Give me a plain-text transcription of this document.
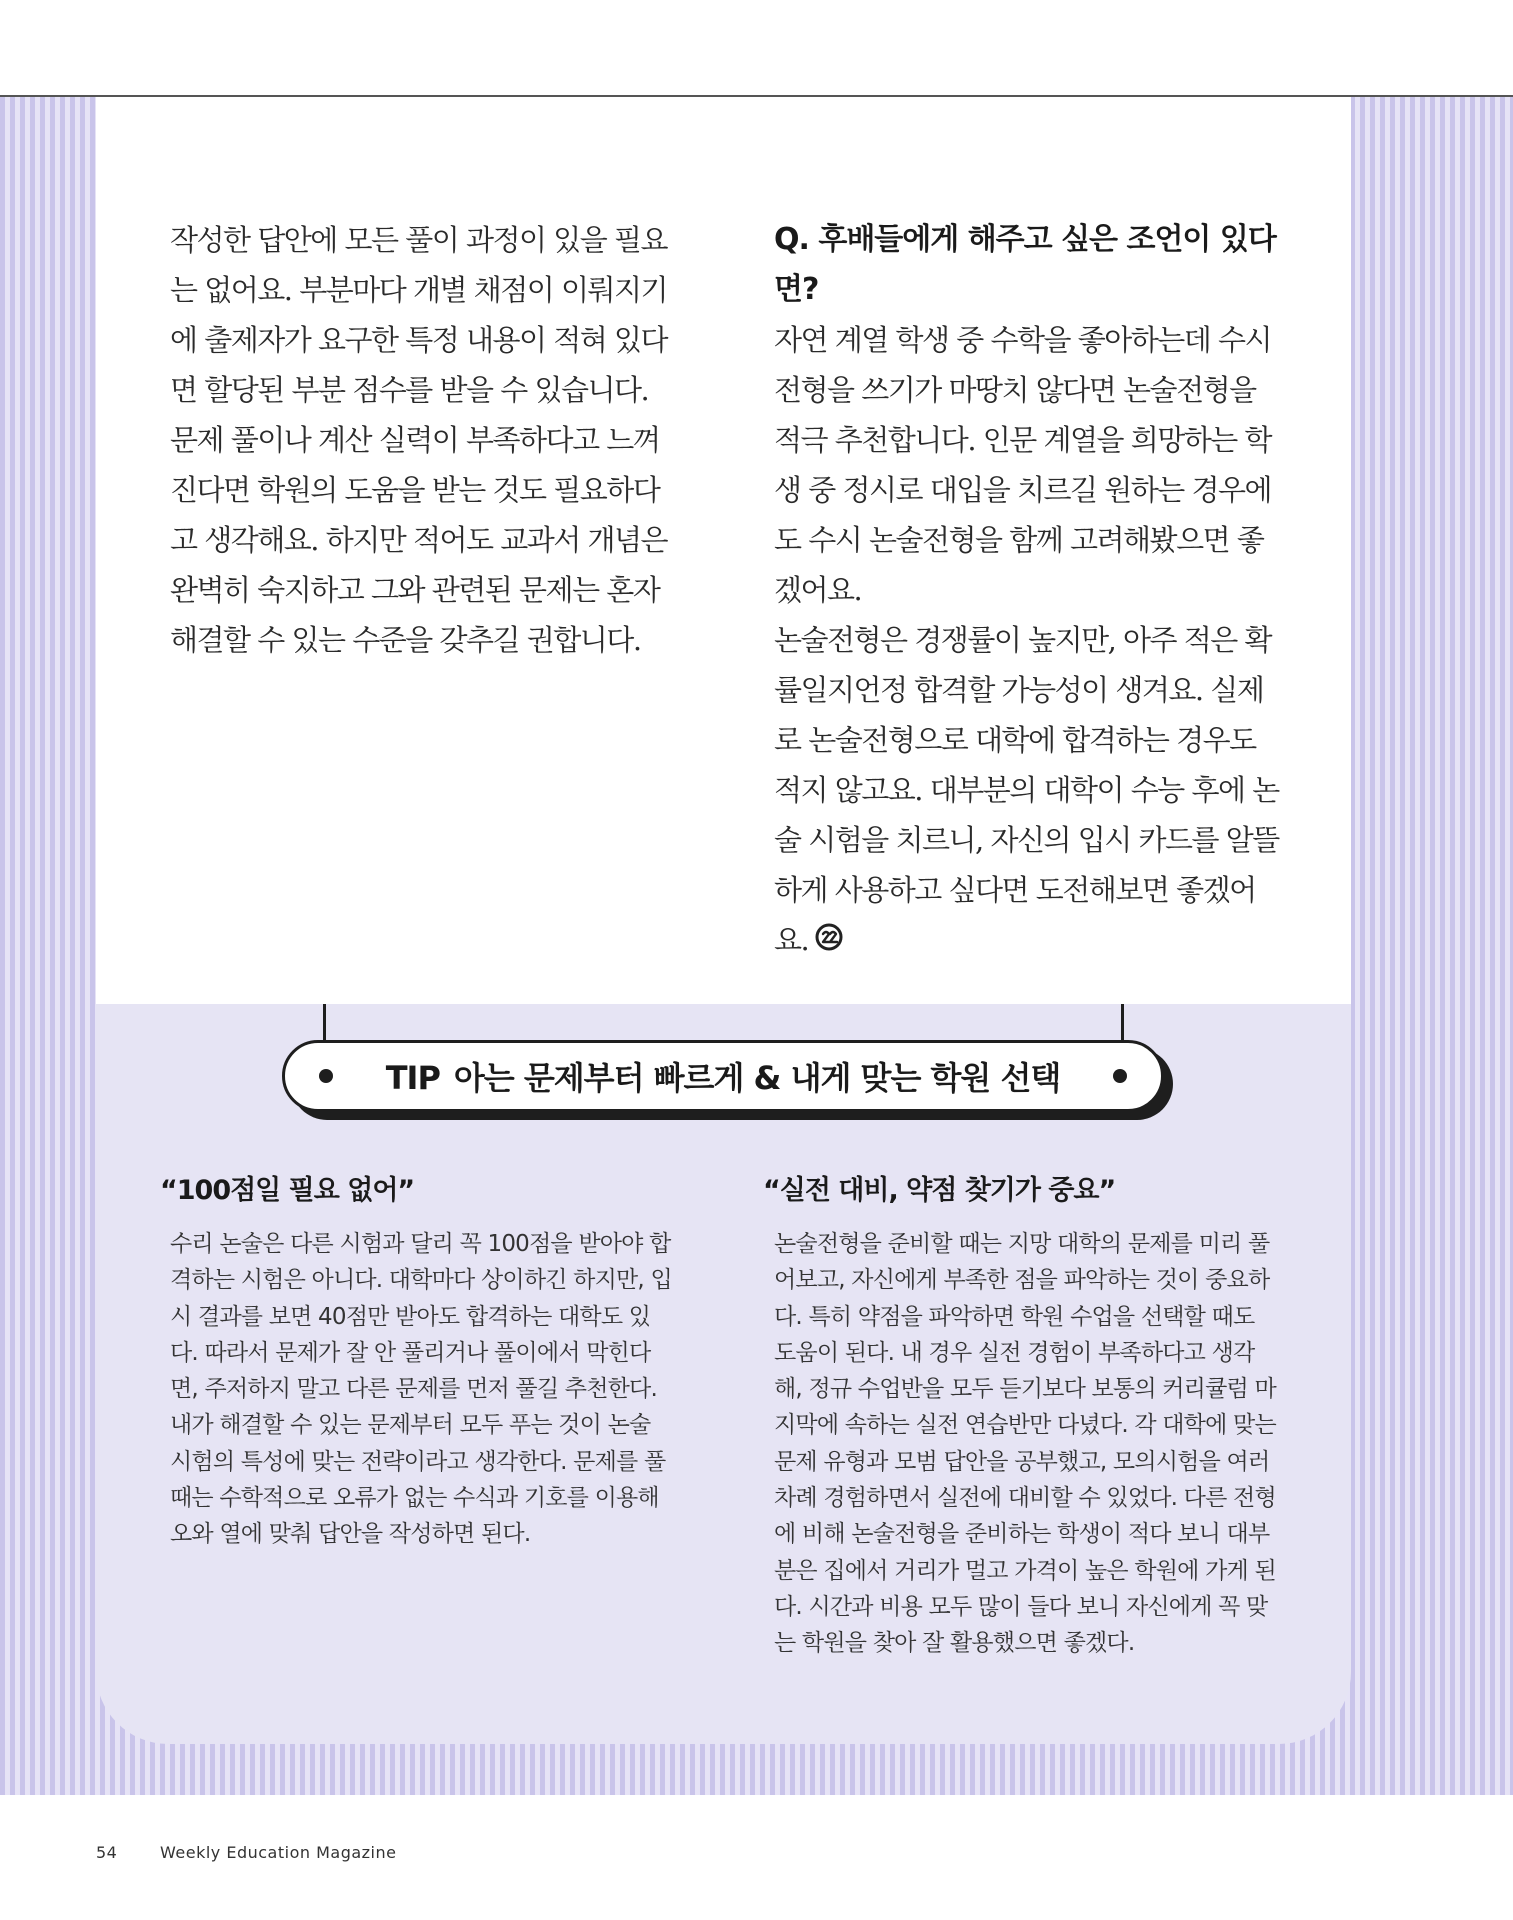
작성한 답안에 모든 풀이 과정이 있을 필요는 없어요. 부분마다 개별 채점이 이뤄지기에 출제자가 요구한 특정 내용이 적혀 있다면 할당된 부분 점수를 받을 수 있습니다.

문제 풀이나 계산 실력이 부족하다고 느껴진다면 학원의 도움을 받는 것도 필요하다고 생각해요. 하지만 적어도 교과서 개념은 완벽히 숙지하고 그와 관련된 문제는 혼자 해결할 수 있는 수준을 갖추길 권합니다.

Q. 후배들에게 해주고 싶은 조언이 있다면?

자연 계열 학생 중 수학을 좋아하는데 수시전형을 쓰기가 마땅치 않다면 논술전형을 적극 추천합니다. 인문 계열을 희망하는 학생 중 정시로 대입을 치르길 원하는 경우에도 수시 논술전형을 함께 고려해봤으면 좋겠어요.

논술전형은 경쟁률이 높지만, 아주 적은 확률일지언정 합격할 가능성이 생겨요. 실제로 논술전형으로 대학에 합격하는 경우도 적지 않고요. 대부분의 대학이 수능 후에 논술 시험을 치르니, 자신의 입시 카드를 알뜰하게 사용하고 싶다면 도전해보면 좋겠어요.

TIP 아는 문제부터 빠르게 & 내게 맞는 학원 선택
“100점일 필요 없어”

수리 논술은 다른 시험과 달리 꼭 100점을 받아야 합격하는 시험은 아니다. 대학마다 상이하긴 하지만, 입시 결과를 보면 40점만 받아도 합격하는 대학도 있다. 따라서 문제가 잘 안 풀리거나 풀이에서 막힌다면, 주저하지 말고 다른 문제를 먼저 풀길 추천한다. 내가 해결할 수 있는 문제부터 모두 푸는 것이 논술 시험의 특성에 맞는 전략이라고 생각한다. 문제를 풀 때는 수학적으로 오류가 없는 수식과 기호를 이용해 오와 열에 맞춰 답안을 작성하면 된다.

“실전 대비, 약점 찾기가 중요”

논술전형을 준비할 때는 지망 대학의 문제를 미리 풀어보고, 자신에게 부족한 점을 파악하는 것이 중요하다. 특히 약점을 파악하면 학원 수업을 선택할 때도 도움이 된다. 내 경우 실전 경험이 부족하다고 생각해, 정규 수업반을 모두 듣기보다 보통의 커리큘럼 마지막에 속하는 실전 연습반만 다녔다. 각 대학에 맞는 문제 유형과 모범 답안을 공부했고, 모의시험을 여러 차례 경험하면서 실전에 대비할 수 있었다. 다른 전형에 비해 논술전형을 준비하는 학생이 적다 보니 대부분은 집에서 거리가 멀고 가격이 높은 학원에 가게 된다. 시간과 비용 모두 많이 들다 보니 자신에게 꼭 맞는 학원을 찾아 잘 활용했으면 좋겠다.

54	Weekly Education Magazine
